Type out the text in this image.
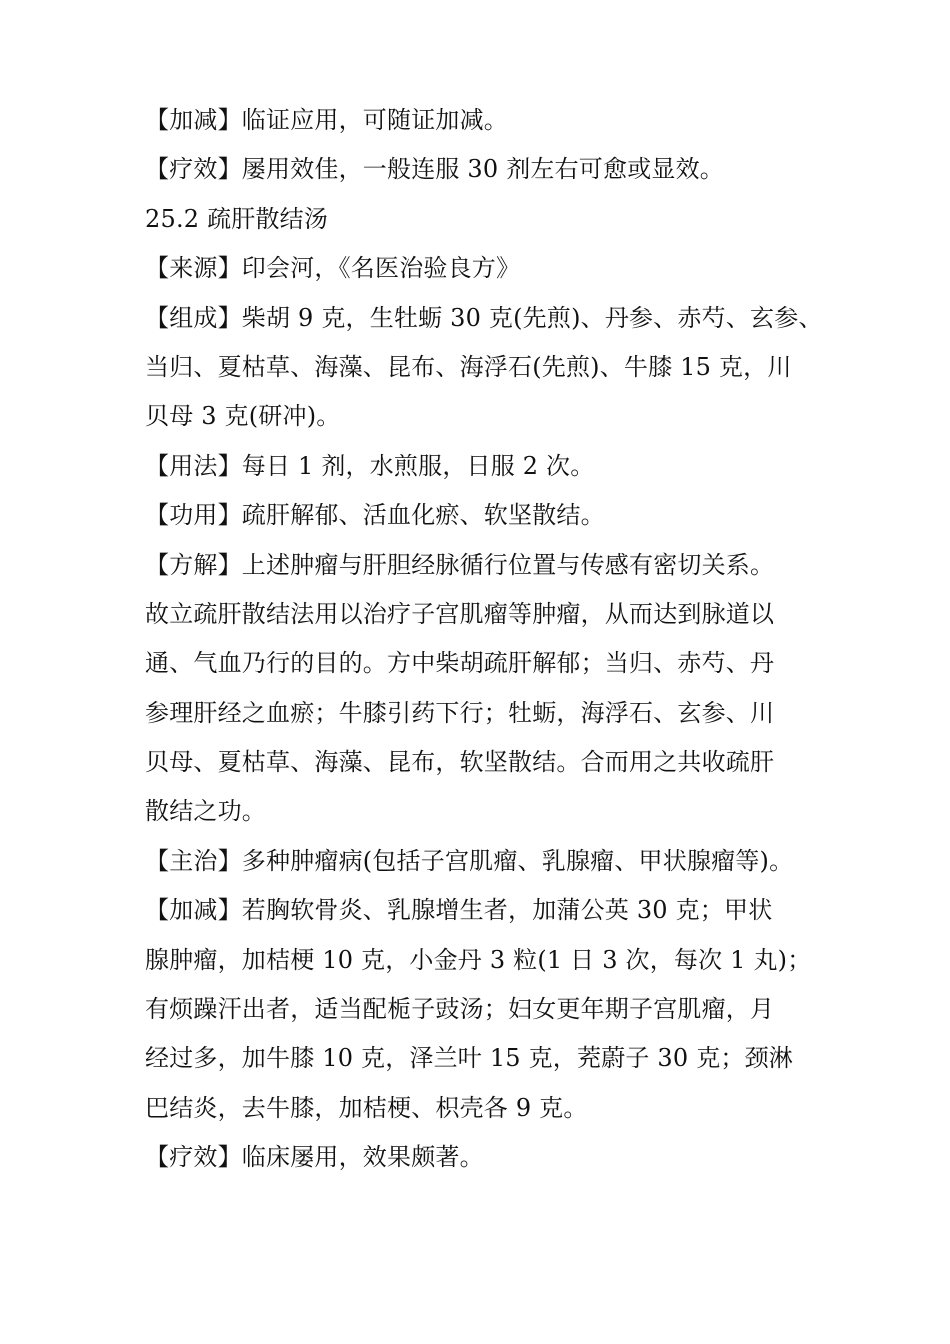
【加减】临证应用，可随证加减。
【疗效】屡用效佳，一般连服 30 剂左右可愈或显效。
25.2 疏肝散结汤
【来源】印会河，《名医治验良方》
【组成】柴胡 9 克，生牡蛎 30 克(先煎)、丹参、赤芍、玄参、
当归、夏枯草、海藻、昆布、海浮石(先煎)、牛膝 15 克，川
贝母 3 克(研冲)。
【用法】每日 1 剂，水煎服，日服 2 次。
【功用】疏肝解郁、活血化瘀、软坚散结。
【方解】上述肿瘤与肝胆经脉循行位置与传感有密切关系。
故立疏肝散结法用以治疗子宫肌瘤等肿瘤，从而达到脉道以
通、气血乃行的目的。方中柴胡疏肝解郁；当归、赤芍、丹
参理肝经之血瘀；牛膝引药下行；牡蛎，海浮石、玄参、川
贝母、夏枯草、海藻、昆布，软坚散结。合而用之共收疏肝
散结之功。
【主治】多种肿瘤病(包括子宫肌瘤、乳腺瘤、甲状腺瘤等)。
【加减】若胸软骨炎、乳腺增生者，加蒲公英 30 克；甲状
腺肿瘤，加桔梗 10 克，小金丹 3 粒(1 日 3 次，每次 1 丸)；
有烦躁汗出者，适当配栀子豉汤；妇女更年期子宫肌瘤，月
经过多，加牛膝 10 克，泽兰叶 15 克，茺蔚子 30 克；颈淋
巴结炎，去牛膝，加桔梗、枳壳各 9 克。
【疗效】临床屡用，效果颇著。
